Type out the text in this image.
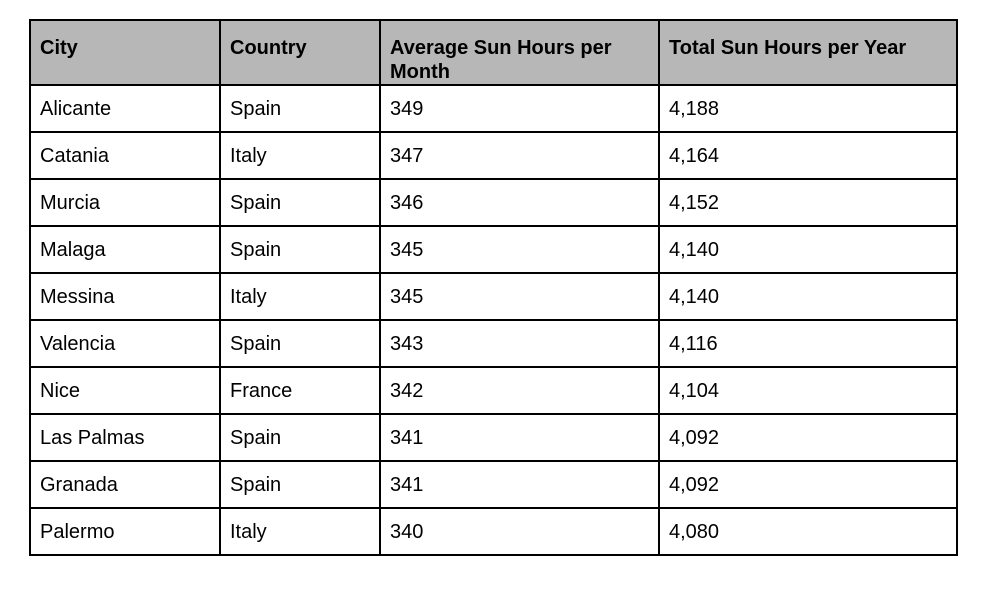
City	Country	Average Sun Hours per Month	Total Sun Hours per Year
Alicante	Spain	349	4,188
Catania	Italy	347	4,164
Murcia	Spain	346	4,152
Malaga	Spain	345	4,140
Messina	Italy	345	4,140
Valencia	Spain	343	4,116
Nice	France	342	4,104
Las Palmas	Spain	341	4,092
Granada	Spain	341	4,092
Palermo	Italy	340	4,080
